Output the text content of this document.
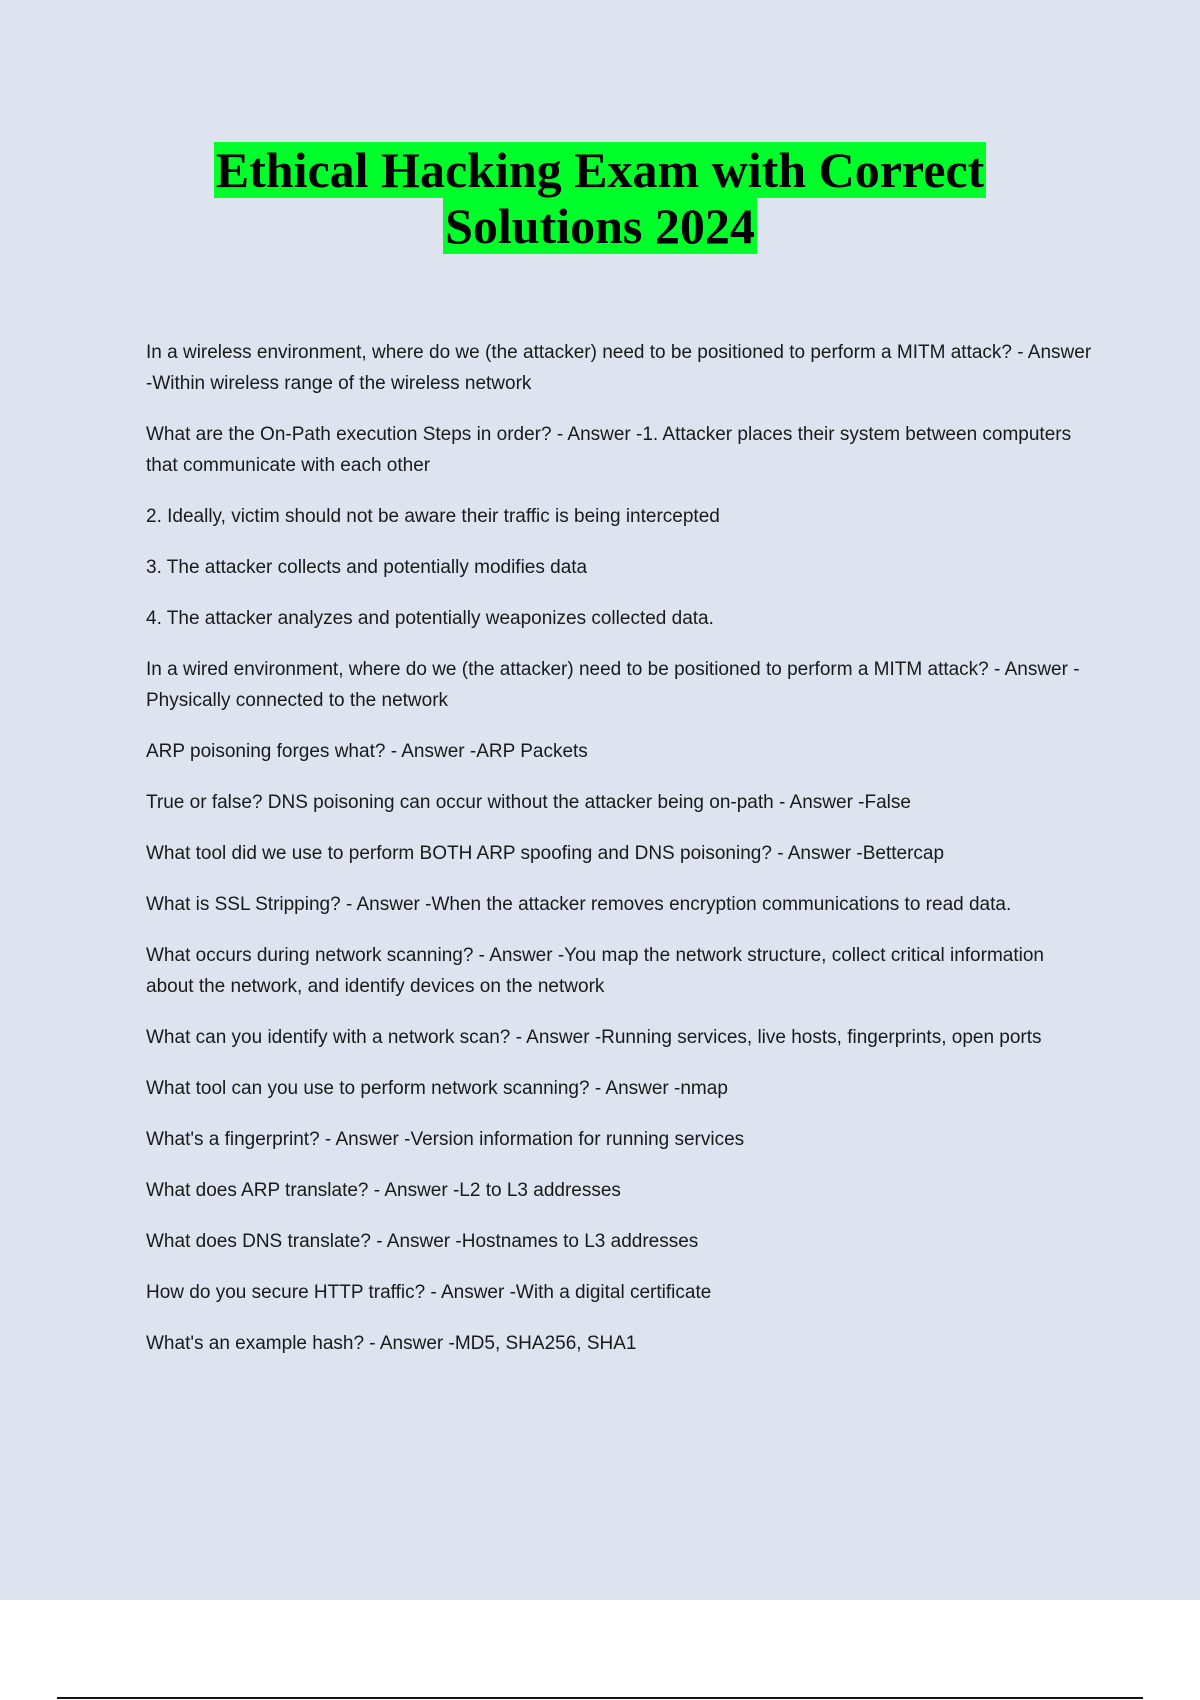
Ethical Hacking Exam with Correct
Solutions 2024

In a wireless environment, where do we (the attacker) need to be positioned to perform a MITM attack? - Answer -Within wireless range of the wireless network

What are the On-Path execution Steps in order? - Answer -1. Attacker places their system between computers that communicate with each other

2. Ideally, victim should not be aware their traffic is being intercepted

3. The attacker collects and potentially modifies data

4. The attacker analyzes and potentially weaponizes collected data.

In a wired environment, where do we (the attacker) need to be positioned to perform a MITM attack? - Answer -Physically connected to the network

ARP poisoning forges what? - Answer -ARP Packets

True or false? DNS poisoning can occur without the attacker being on-path - Answer -False

What tool did we use to perform BOTH ARP spoofing and DNS poisoning? - Answer -Bettercap

What is SSL Stripping? - Answer -When the attacker removes encryption communications to read data.

What occurs during network scanning? - Answer -You map the network structure, collect critical information about the network, and identify devices on the network

What can you identify with a network scan? - Answer -Running services, live hosts, fingerprints, open ports

What tool can you use to perform network scanning? - Answer -nmap

What's a fingerprint? - Answer -Version information for running services

What does ARP translate? - Answer -L2 to L3 addresses

What does DNS translate? - Answer -Hostnames to L3 addresses

How do you secure HTTP traffic? - Answer -With a digital certificate

What's an example hash? - Answer -MD5, SHA256, SHA1
